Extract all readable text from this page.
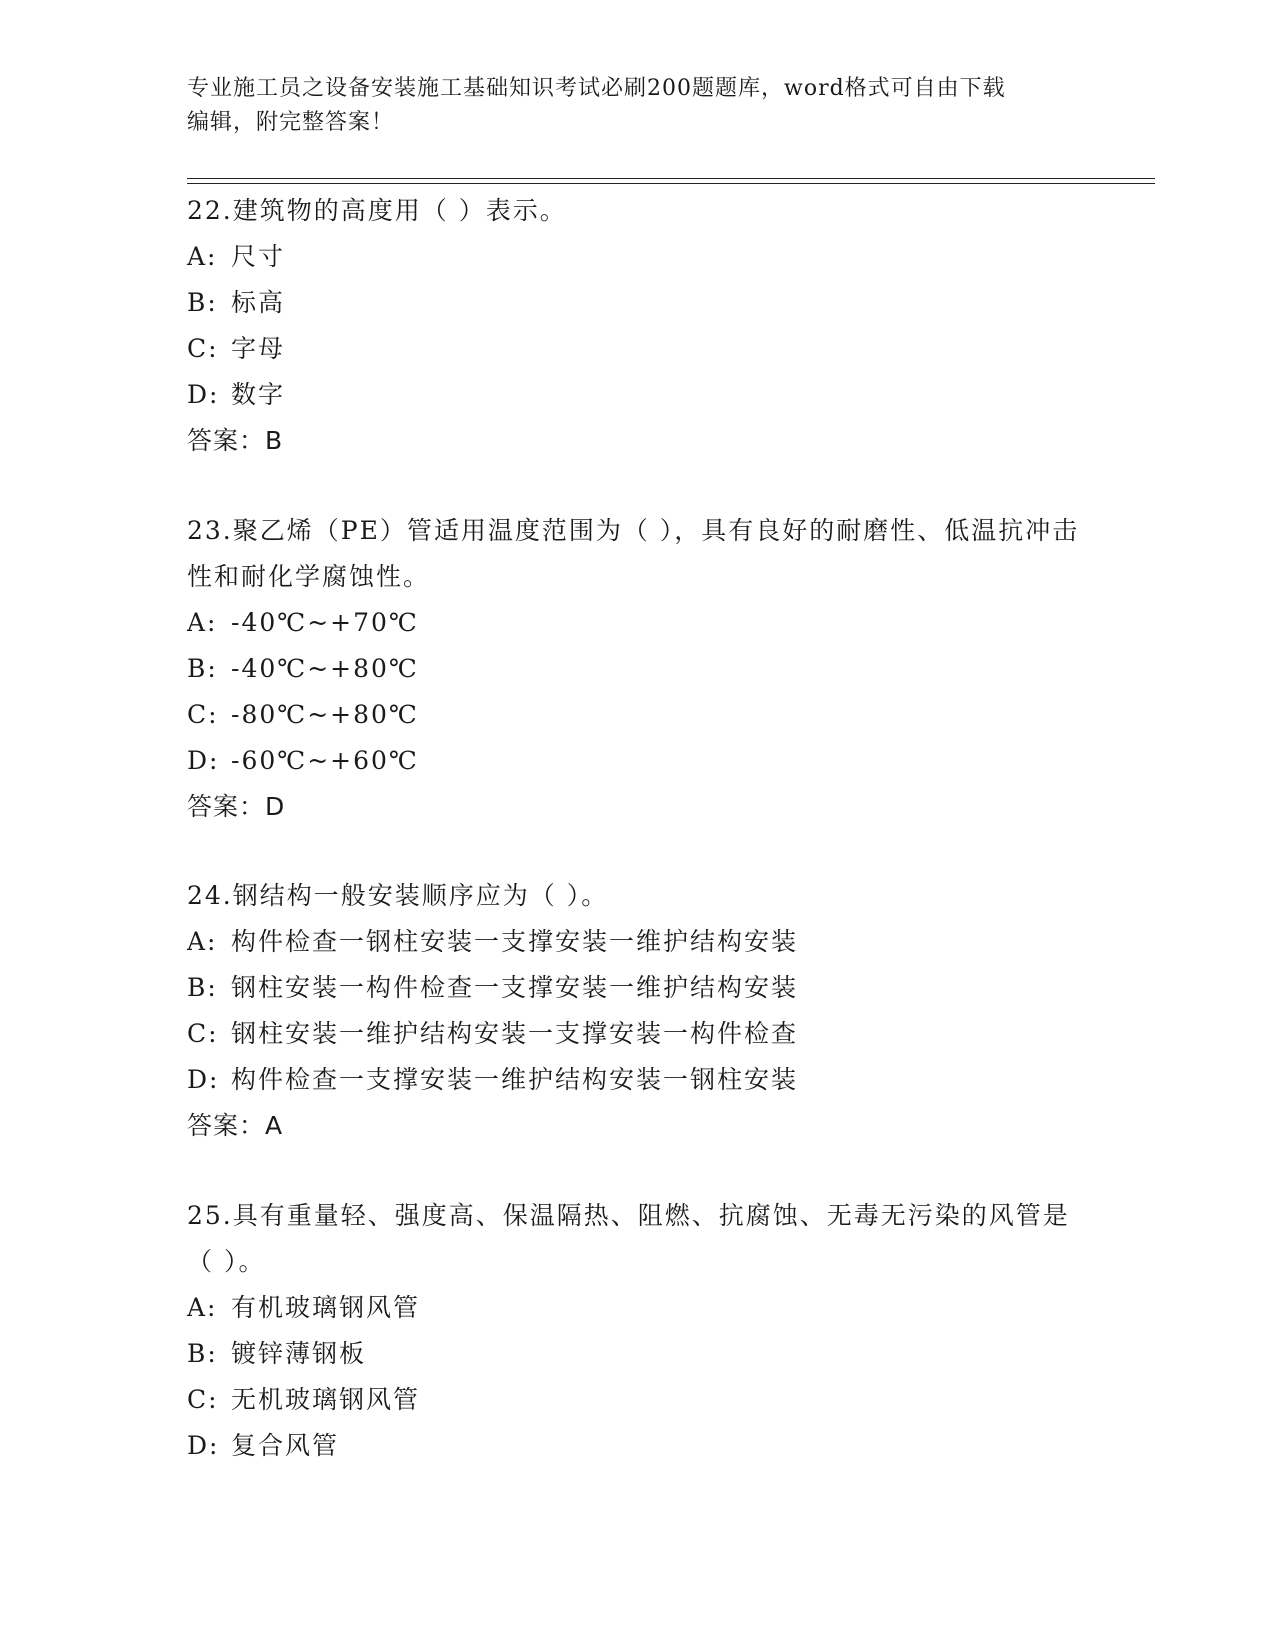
专业施工员之设备安装施工基础知识考试必刷200题题库，word格式可自由下载
编辑，附完整答案！

22.建筑物的高度用（ ）表示。

A: 尺寸

B: 标高

C: 字母

D: 数字

答案：B

23.聚乙烯（PE）管适用温度范围为（ ），具有良好的耐磨性、低温抗冲击性和耐化学腐蚀性。

A: -40℃~+70℃

B: -40℃~+80℃

C: -80℃~+80℃

D: -60℃~+60℃

答案：D

24.钢结构一般安装顺序应为（ ）。

A: 构件检查一钢柱安装一支撑安装一维护结构安装

B: 钢柱安装一构件检查一支撑安装一维护结构安装

C: 钢柱安装一维护结构安装一支撑安装一构件检查

D: 构件检查一支撑安装一维护结构安装一钢柱安装

答案：A

25.具有重量轻、强度高、保温隔热、阻燃、抗腐蚀、无毒无污染的风管是（ ）。

A: 有机玻璃钢风管

B: 镀锌薄钢板

C: 无机玻璃钢风管

D: 复合风管
